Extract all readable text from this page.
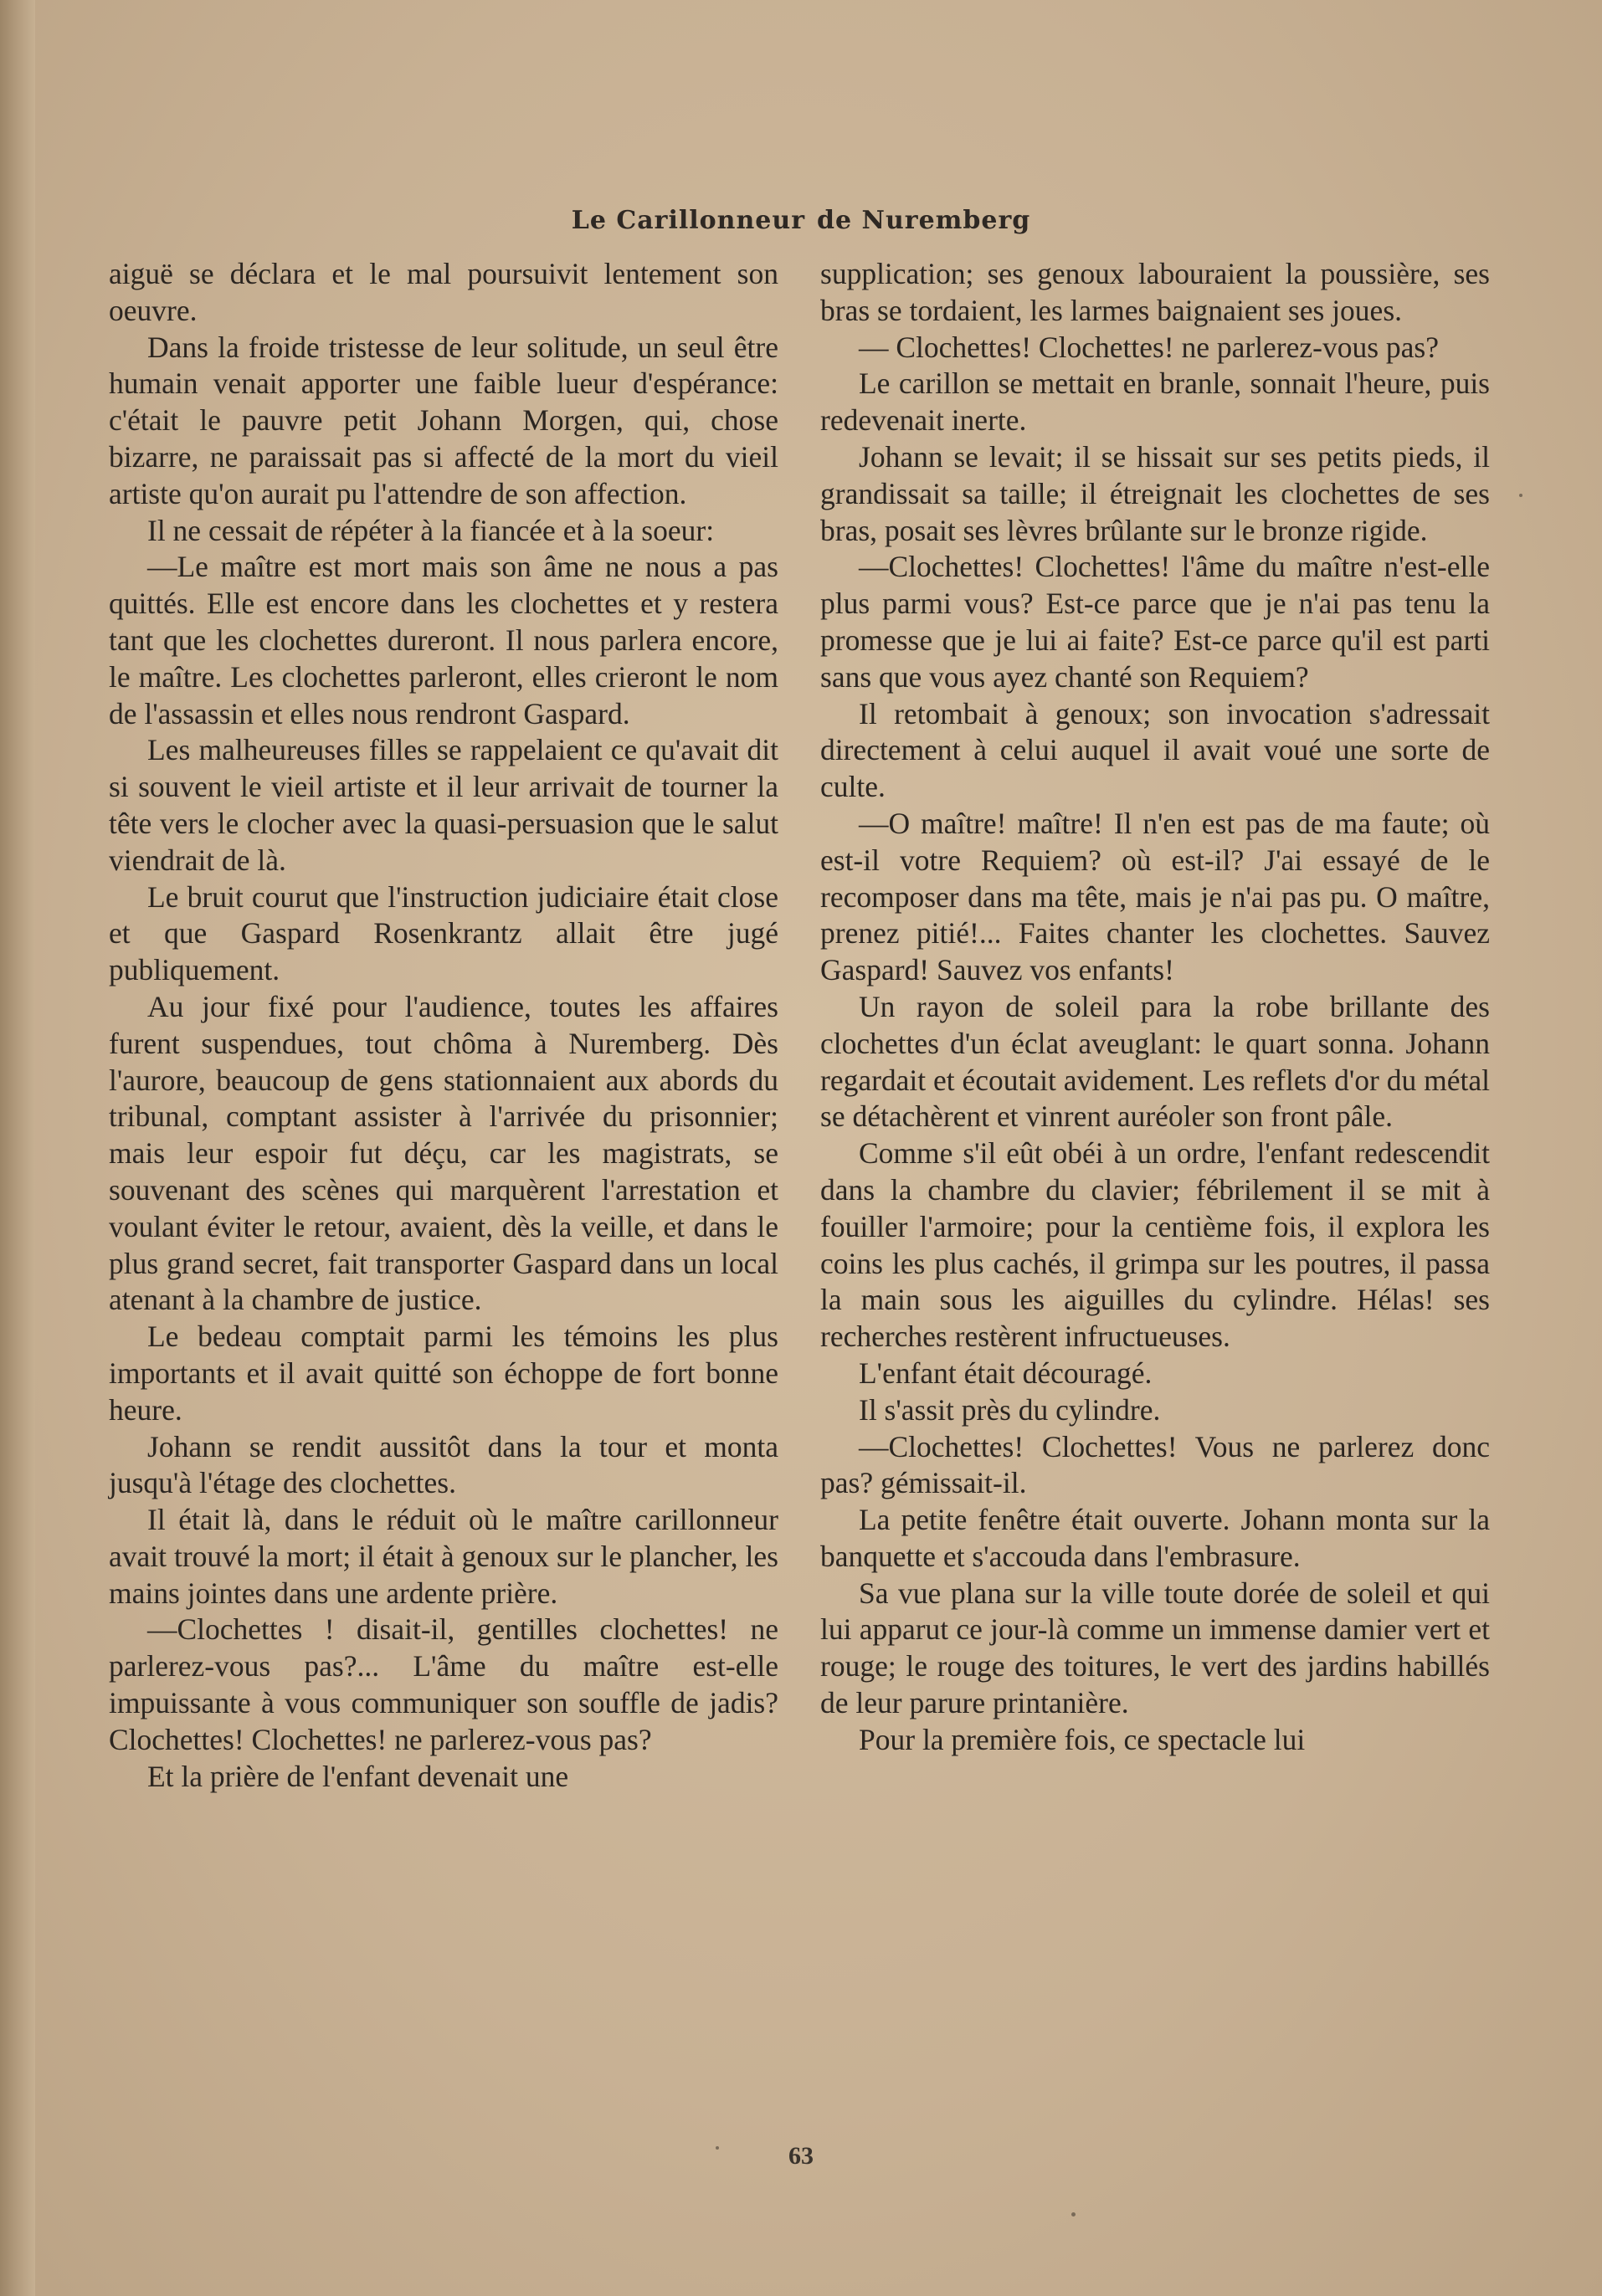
Le Carillonneur de Nuremberg

aiguë se déclara et le mal poursuivit lentement son oeuvre.

Dans la froide tristesse de leur solitude, un seul être humain venait apporter une faible lueur d'espérance: c'était le pauvre petit Johann Morgen, qui, chose bizarre, ne paraissait pas si affecté de la mort du vieil artiste qu'on aurait pu l'attendre de son affection.

Il ne cessait de répéter à la fiancée et à la soeur:

—Le maître est mort mais son âme ne nous a pas quittés. Elle est encore dans les clochettes et y restera tant que les clochettes dureront. Il nous parlera encore, le maître. Les clochettes parleront, elles crieront le nom de l'assassin et elles nous rendront Gaspard.

Les malheureuses filles se rappelaient ce qu'avait dit si souvent le vieil artiste et il leur arrivait de tourner la tête vers le clocher avec la quasi-persuasion que le salut viendrait de là.

Le bruit courut que l'instruction judiciaire était close et que Gaspard Rosenkrantz allait être jugé publiquement.

Au jour fixé pour l'audience, toutes les affaires furent suspendues, tout chôma à Nuremberg. Dès l'aurore, beaucoup de gens stationnaient aux abords du tribunal, comptant assister à l'arrivée du prisonnier; mais leur espoir fut déçu, car les magistrats, se souvenant des scènes qui marquèrent l'arrestation et voulant éviter le retour, avaient, dès la veille, et dans le plus grand secret, fait transporter Gaspard dans un local atenant à la chambre de justice.

Le bedeau comptait parmi les témoins les plus importants et il avait quitté son échoppe de fort bonne heure.

Johann se rendit aussitôt dans la tour et monta jusqu'à l'étage des clochettes.

Il était là, dans le réduit où le maître carillonneur avait trouvé la mort; il était à genoux sur le plancher, les mains jointes dans une ardente prière.

—Clochettes ! disait-il, gentilles clochettes! ne parlerez-vous pas?... L'âme du maître est-elle impuissante à vous communiquer son souffle de jadis? Clochettes! Clochettes! ne parlerez-vous pas?

Et la prière de l'enfant devenait une

supplication; ses genoux labouraient la poussière, ses bras se tordaient, les larmes baignaient ses joues.

— Clochettes! Clochettes! ne parlerez-vous pas?

Le carillon se mettait en branle, sonnait l'heure, puis redevenait inerte.

Johann se levait; il se hissait sur ses petits pieds, il grandissait sa taille; il étreignait les clochettes de ses bras, posait ses lèvres brûlante sur le bronze rigide.

—Clochettes! Clochettes! l'âme du maître n'est-elle plus parmi vous? Est-ce parce que je n'ai pas tenu la promesse que je lui ai faite? Est-ce parce qu'il est parti sans que vous ayez chanté son Requiem?

Il retombait à genoux; son invocation s'adressait directement à celui auquel il avait voué une sorte de culte.

—O maître! maître! Il n'en est pas de ma faute; où est-il votre Requiem? où est-il? J'ai essayé de le recomposer dans ma tête, mais je n'ai pas pu. O maître, prenez pitié!... Faites chanter les clochettes. Sauvez Gaspard! Sauvez vos enfants!

Un rayon de soleil para la robe brillante des clochettes d'un éclat aveuglant: le quart sonna. Johann regardait et écoutait avidement. Les reflets d'or du métal se détachèrent et vinrent auréoler son front pâle.

Comme s'il eût obéi à un ordre, l'enfant redescendit dans la chambre du clavier; fébrilement il se mit à fouiller l'armoire; pour la centième fois, il explora les coins les plus cachés, il grimpa sur les poutres, il passa la main sous les aiguilles du cylindre. Hélas! ses recherches restèrent infructueuses.

L'enfant était découragé.

Il s'assit près du cylindre.

—Clochettes! Clochettes! Vous ne parlerez donc pas? gémissait-il.

La petite fenêtre était ouverte. Johann monta sur la banquette et s'accouda dans l'embrasure.

Sa vue plana sur la ville toute dorée de soleil et qui lui apparut ce jour-là comme un immense damier vert et rouge; le rouge des toitures, le vert des jardins habillés de leur parure printanière.

Pour la première fois, ce spectacle lui

63
